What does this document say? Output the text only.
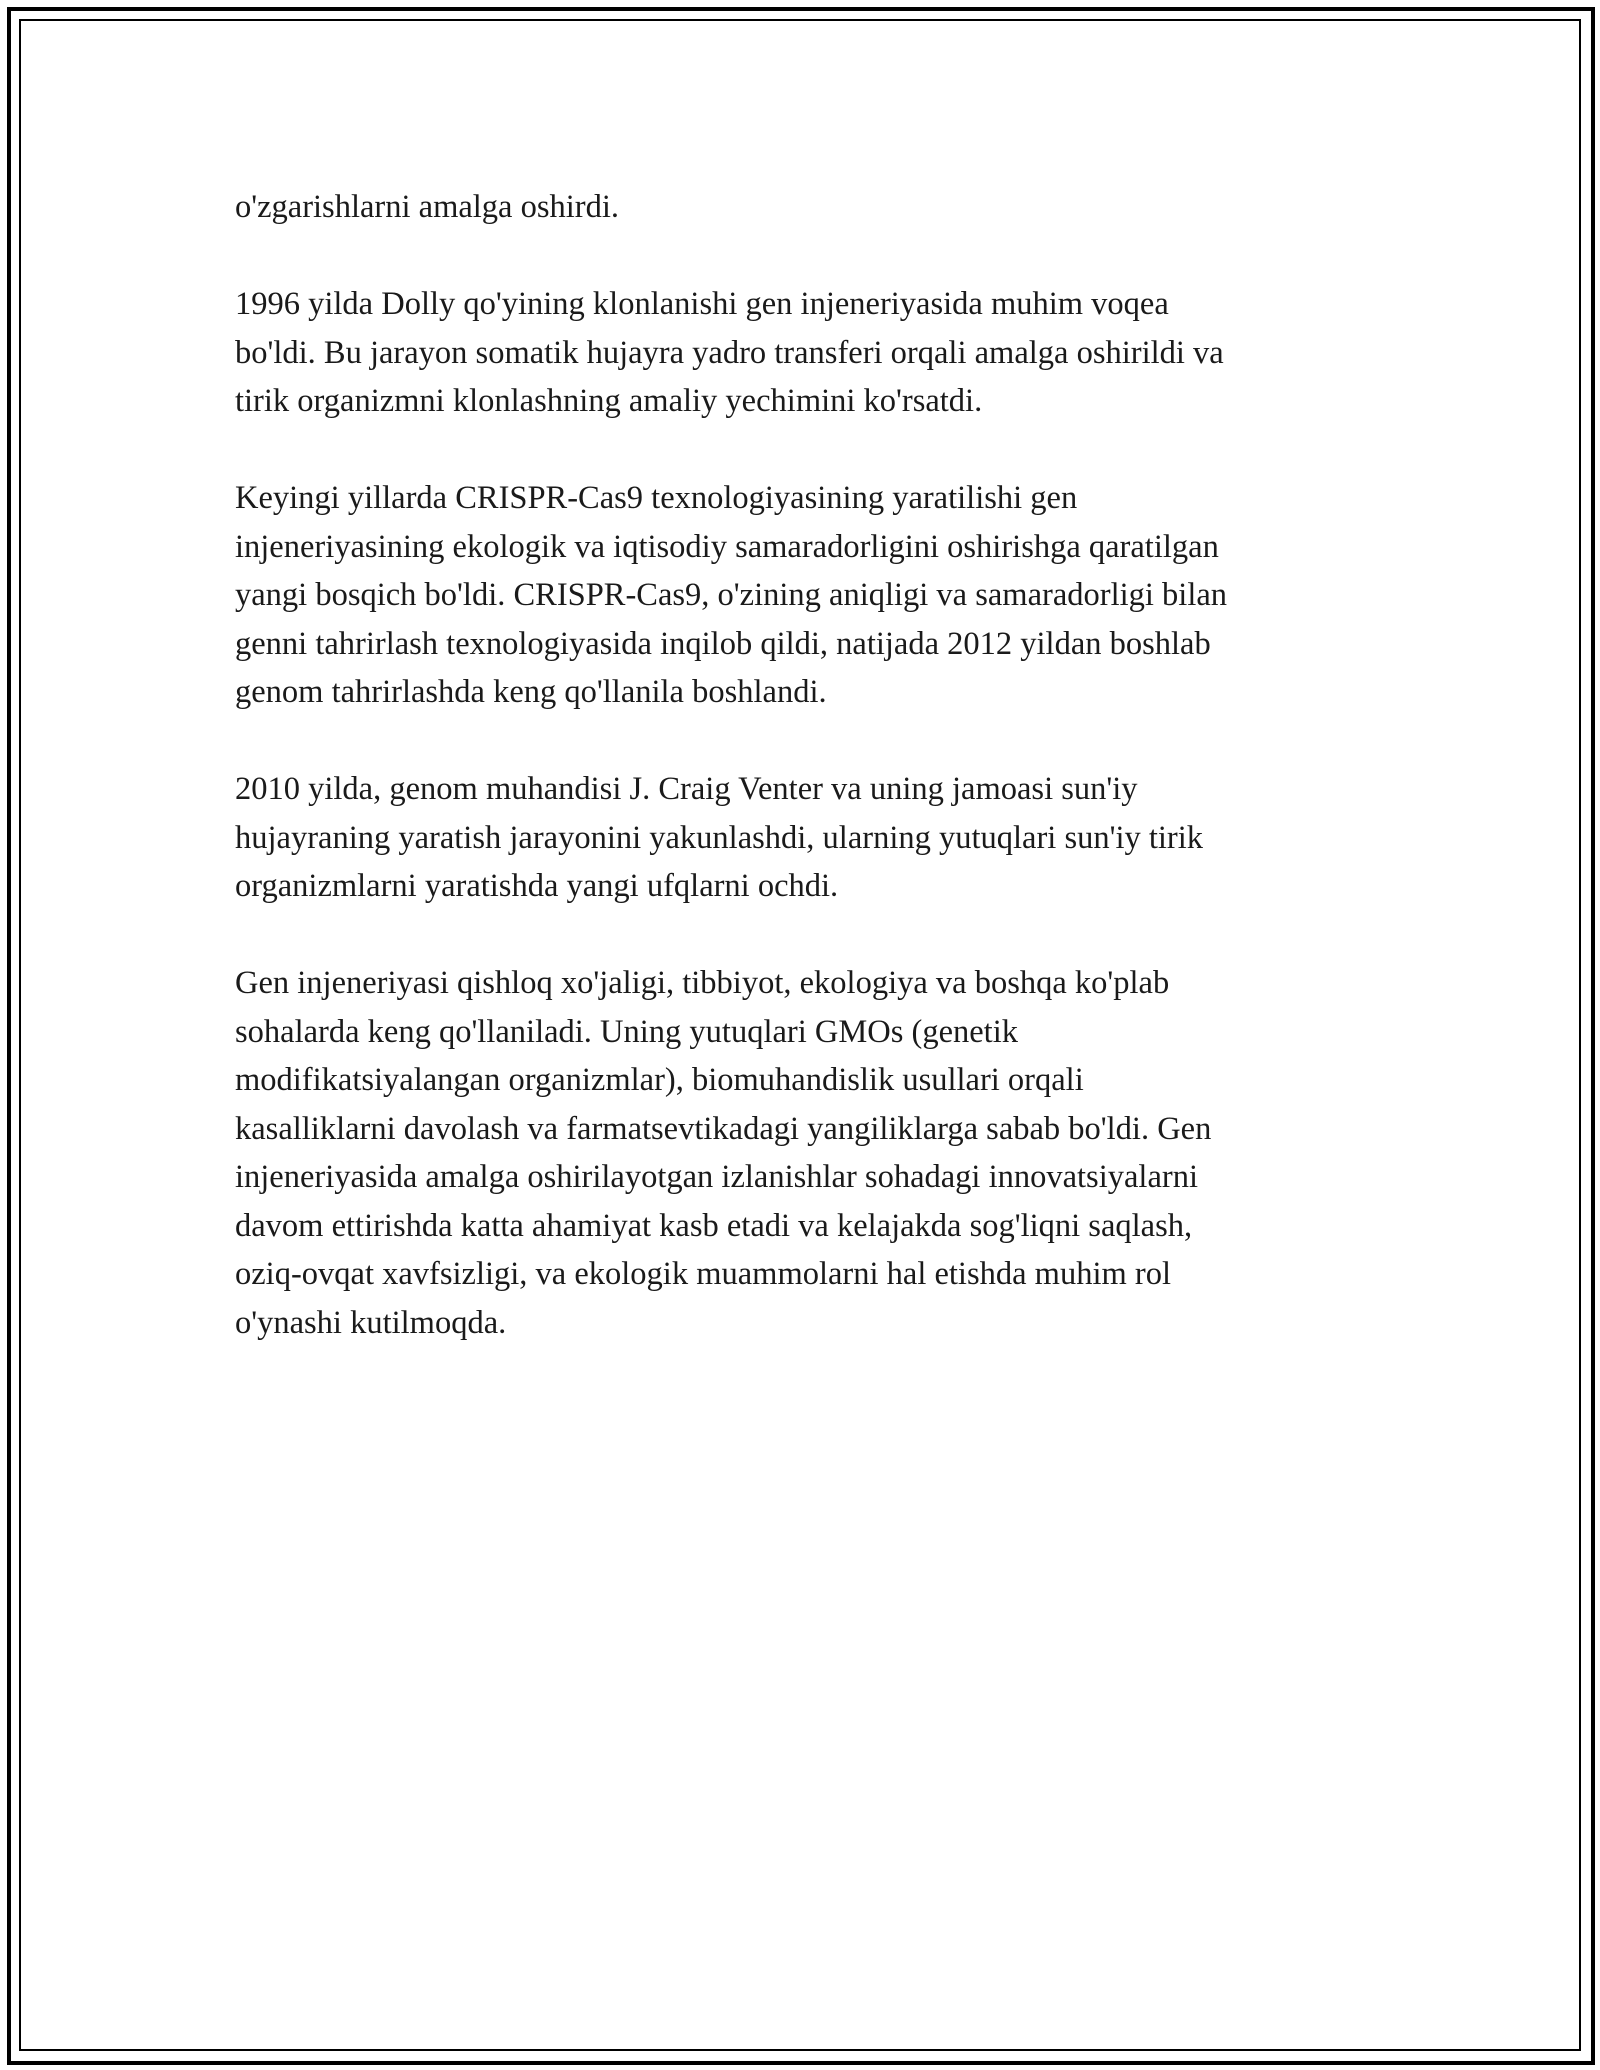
o'zgarishlarni amalga oshirdi.

1996 yilda Dolly qo'yining klonlanishi gen injeneriyasida muhim voqea
bo'ldi. Bu jarayon somatik hujayra yadro transferi orqali amalga oshirildi va
tirik organizmni klonlashning amaliy yechimini ko'rsatdi.

Keyingi yillarda CRISPR-Cas9 texnologiyasining yaratilishi gen
injeneriyasining ekologik va iqtisodiy samaradorligini oshirishga qaratilgan
yangi bosqich bo'ldi. CRISPR-Cas9, o'zining aniqligi va samaradorligi bilan
genni tahrirlash texnologiyasida inqilob qildi, natijada 2012 yildan boshlab
genom tahrirlashda keng qo'llanila boshlandi.

2010 yilda, genom muhandisi J. Craig Venter va uning jamoasi sun'iy
hujayraning yaratish jarayonini yakunlashdi, ularning yutuqlari sun'iy tirik
organizmlarni yaratishda yangi ufqlarni ochdi.

Gen injeneriyasi qishloq xo'jaligi, tibbiyot, ekologiya va boshqa ko'plab
sohalarda keng qo'llaniladi. Uning yutuqlari GMOs (genetik
modifikatsiyalangan organizmlar), biomuhandislik usullari orqali
kasalliklarni davolash va farmatsevtikadagi yangiliklarga sabab bo'ldi. Gen
injeneriyasida amalga oshirilayotgan izlanishlar sohadagi innovatsiyalarni
davom ettirishda katta ahamiyat kasb etadi va kelajakda sog'liqni saqlash,
oziq-ovqat xavfsizligi, va ekologik muammolarni hal etishda muhim rol
o'ynashi kutilmoqda.
